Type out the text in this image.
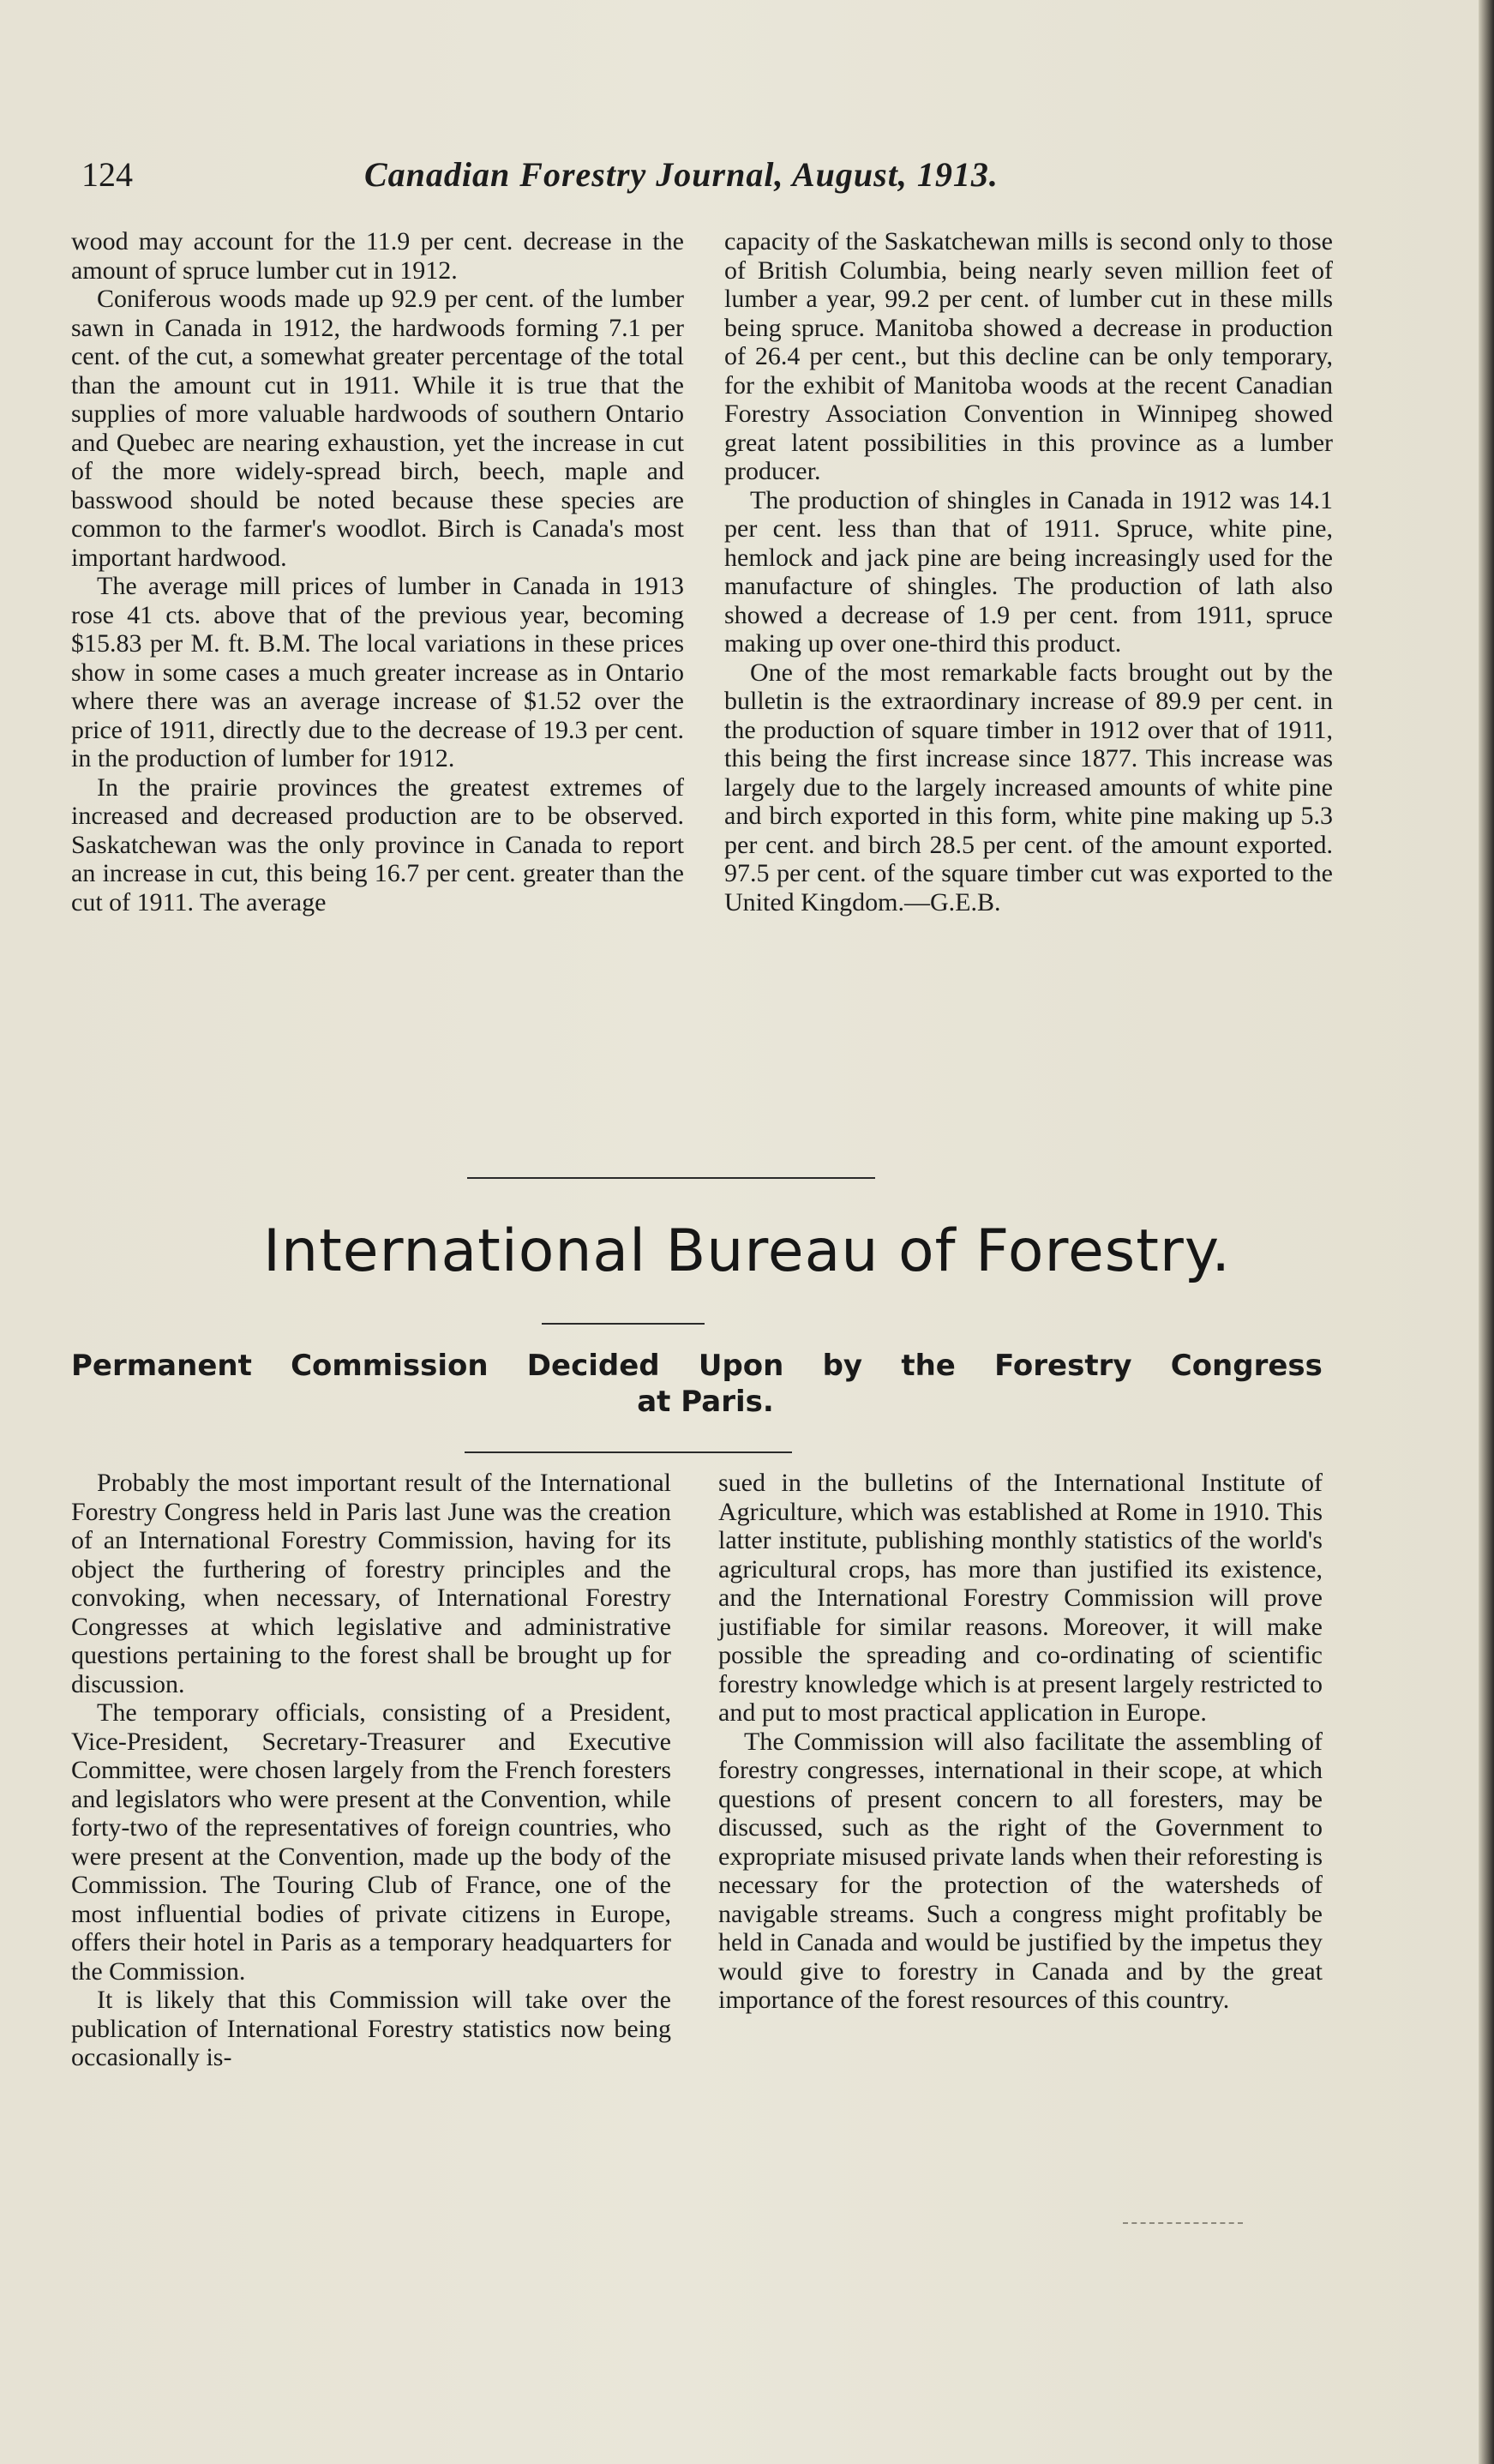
124	Canadian Forestry Journal, August, 1913.

wood may account for the 11.9 per cent. decrease in the amount of spruce lumber cut in 1912.

Coniferous woods made up 92.9 per cent. of the lumber sawn in Canada in 1912, the hardwoods forming 7.1 per cent. of the cut, a somewhat greater percentage of the total than the amount cut in 1911. While it is true that the supplies of more valuable hardwoods of southern Ontario and Quebec are nearing exhaustion, yet the increase in cut of the more widely-spread birch, beech, maple and basswood should be noted because these species are common to the farmer's woodlot. Birch is Canada's most important hardwood.

The average mill prices of lumber in Canada in 1913 rose 41 cts. above that of the previous year, becoming $15.83 per M. ft. B.M. The local variations in these prices show in some cases a much greater increase as in Ontario where there was an average increase of $1.52 over the price of 1911, directly due to the decrease of 19.3 per cent. in the production of lumber for 1912.

In the prairie provinces the greatest extremes of increased and decreased production are to be observed. Saskatchewan was the only province in Canada to report an increase in cut, this being 16.7 per cent. greater than the cut of 1911. The average

capacity of the Saskatchewan mills is second only to those of British Columbia, being nearly seven million feet of lumber a year, 99.2 per cent. of lumber cut in these mills being spruce. Manitoba showed a decrease in production of 26.4 per cent., but this decline can be only temporary, for the exhibit of Manitoba woods at the recent Canadian Forestry Association Convention in Winnipeg showed great latent possibilities in this province as a lumber producer.

The production of shingles in Canada in 1912 was 14.1 per cent. less than that of 1911. Spruce, white pine, hemlock and jack pine are being increasingly used for the manufacture of shingles. The production of lath also showed a decrease of 1.9 per cent. from 1911, spruce making up over one-third this product.

One of the most remarkable facts brought out by the bulletin is the extraordinary increase of 89.9 per cent. in the production of square timber in 1912 over that of 1911, this being the first increase since 1877. This increase was largely due to the largely increased amounts of white pine and birch exported in this form, white pine making up 5.3 per cent. and birch 28.5 per cent. of the amount exported. 97.5 per cent. of the square timber cut was exported to the United Kingdom.—G.E.B.

International Bureau of Forestry.
Permanent Commission Decided Upon by the Forestry Congress
at Paris.

Probably the most important result of the International Forestry Congress held in Paris last June was the creation of an International Forestry Commission, having for its object the furthering of forestry principles and the convoking, when necessary, of International Forestry Congresses at which legislative and administrative questions pertaining to the forest shall be brought up for discussion.

The temporary officials, consisting of a President, Vice-President, Secretary-Treasurer and Executive Committee, were chosen largely from the French foresters and legislators who were present at the Convention, while forty-two of the representatives of foreign countries, who were present at the Convention, made up the body of the Commission. The Touring Club of France, one of the most influential bodies of private citizens in Europe, offers their hotel in Paris as a temporary headquarters for the Commission.

It is likely that this Commission will take over the publication of International Forestry statistics now being occasionally is-

sued in the bulletins of the International Institute of Agriculture, which was established at Rome in 1910. This latter institute, publishing monthly statistics of the world's agricultural crops, has more than justified its existence, and the International Forestry Commission will prove justifiable for similar reasons. Moreover, it will make possible the spreading and co-ordinating of scientific forestry knowledge which is at present largely restricted to and put to most practical application in Europe.

The Commission will also facilitate the assembling of forestry congresses, international in their scope, at which questions of present concern to all foresters, may be discussed, such as the right of the Government to expropriate misused private lands when their reforesting is necessary for the protection of the watersheds of navigable streams. Such a congress might profitably be held in Canada and would be justified by the impetus they would give to forestry in Canada and by the great importance of the forest resources of this country.
